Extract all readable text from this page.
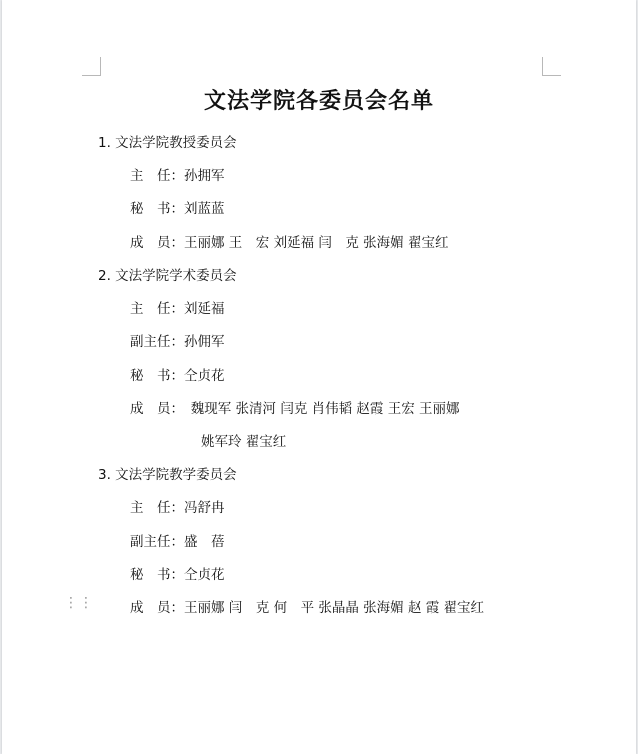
文法学院各委员会名单
1. 文法学院教授委员会
主　任：孙拥军
秘　书：刘蓝蓝
成　员：王丽娜 王　宏 刘延福 闫　克 张海媚 翟宝红
2. 文法学院学术委员会
主　任：刘延福
副主任：孙佣军
秘　书：仝贞花
成　员：　魏现军 张清河 闫克 肖伟韬 赵霞 王宏 王丽娜
姚军玲 翟宝红
3. 文法学院教学委员会
主　任：冯舒冉
副主任：盛　蓓
秘　书：仝贞花
成　员：王丽娜 闫　克 何　平 张晶晶 张海媚 赵 霞 翟宝红
⋮⋮
